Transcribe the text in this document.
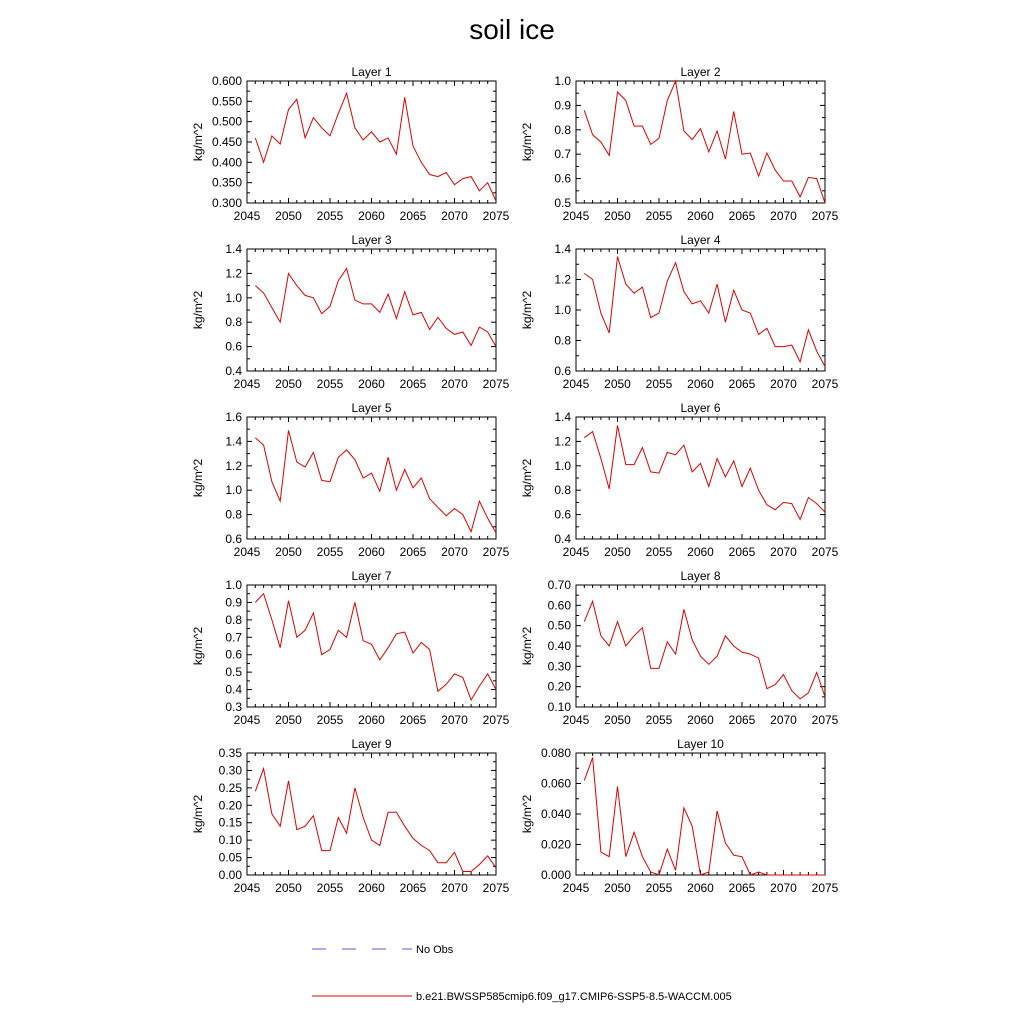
soil ice
No Obs
b.e21.BWSSP585cmip6.f09_g17.CMIP6-SSP5-8.5-WACCM.005
Layer 1
kg/m^2
0.300
0.350
0.400
0.450
0.500
0.550
0.600
2045 2050 2055 2060 2065 2070 2075
Layer 2
kg/m^2
0.5
0.6
0.7
0.8
0.9
1.0
2045 2050 2055 2060 2065 2070 2075
Layer 3
kg/m^2
0.4
0.6
0.8
1.0
1.2
1.4
2045 2050 2055 2060 2065 2070 2075
Layer 4
kg/m^2
0.6
0.8
1.0
1.2
1.4
2045 2050 2055 2060 2065 2070 2075
Layer 5
kg/m^2
0.6
0.8
1.0
1.2
1.4
1.6
2045 2050 2055 2060 2065 2070 2075
Layer 6
kg/m^2
0.4
0.6
0.8
1.0
1.2
1.4
2045 2050 2055 2060 2065 2070 2075
Layer 7
kg/m^2
0.3
0.4
0.5
0.6
0.7
0.8
0.9
1.0
2045 2050 2055 2060 2065 2070 2075
Layer 8
kg/m^2
0.10
0.20
0.30
0.40
0.50
0.60
0.70
2045 2050 2055 2060 2065 2070 2075
Layer 9
kg/m^2
0.00
0.05
0.10
0.15
0.20
0.25
0.30
0.35
2045 2050 2055 2060 2065 2070 2075
Layer 10
kg/m^2
0.000
0.020
0.040
0.060
0.080
2045 2050 2055 2060 2065 2070 2075
